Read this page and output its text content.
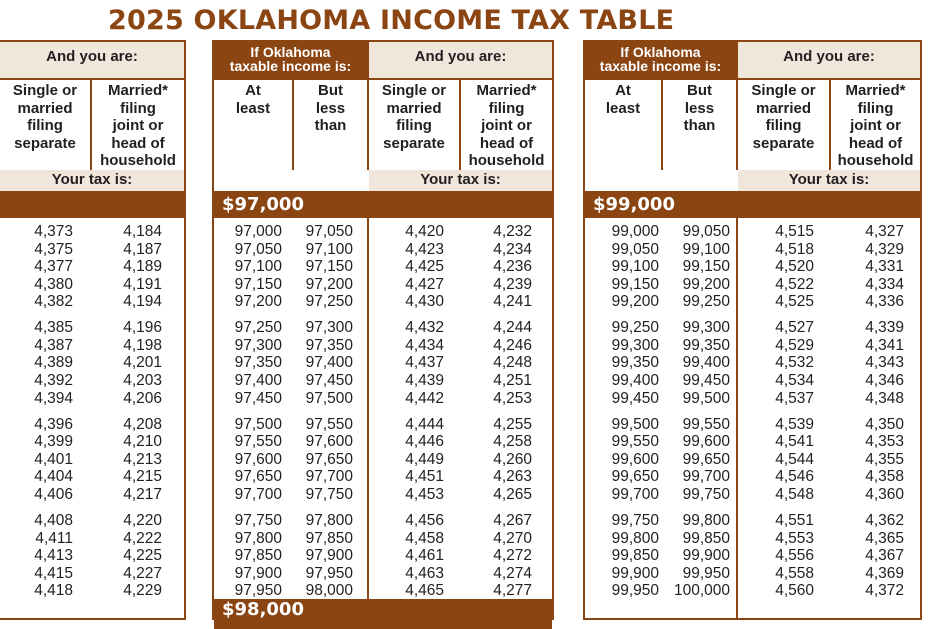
2025 OKLAHOMA INCOME TAX TABLE
And you are:
Single or
married
filing
separate
Married*
filing
joint or
head of
household
Your tax is:
4,373	4,184
4,375	4,187
4,377	4,189
4,380	4,191
4,382	4,194
4,385	4,196
4,387	4,198
4,389	4,201
4,392	4,203
4,394	4,206
4,396	4,208
4,399	4,210
4,401	4,213
4,404	4,215
4,406	4,217
4,408	4,220
4,411	4,222
4,413	4,225
4,415	4,227
4,418	4,229
If Oklahoma
taxable income is:
And you are:
At
least
But
less
than
Single or
married
filing
separate
Married*
filing
joint or
head of
household
Your tax is:
$97,000
97,000 97,050	4,420	4,232
97,050 97,100	4,423	4,234
97,100 97,150	4,425	4,236
97,150 97,200	4,427	4,239
97,200 97,250	4,430	4,241
97,250 97,300	4,432	4,244
97,300 97,350	4,434	4,246
97,350 97,400	4,437	4,248
97,400 97,450	4,439	4,251
97,450 97,500	4,442	4,253
97,500 97,550	4,444	4,255
97,550 97,600	4,446	4,258
97,600 97,650	4,449	4,260
97,650 97,700	4,451	4,263
97,700 97,750	4,453	4,265
97,750 97,800	4,456	4,267
97,800 97,850	4,458	4,270
97,850 97,900	4,461	4,272
97,900 97,950	4,463	4,274
97,950 98,000	4,465	4,277
$98,000
If Oklahoma
taxable income is:
And you are:
At
least
But
less
than
Single or
married
filing
separate
Married*
filing
joint or
head of
household
Your tax is:
$99,000
99,000 99,050	4,515	4,327
99,050 99,100	4,518	4,329
99,100 99,150	4,520	4,331
99,150 99,200	4,522	4,334
99,200 99,250	4,525	4,336
99,250 99,300	4,527	4,339
99,300 99,350	4,529	4,341
99,350 99,400	4,532	4,343
99,400 99,450	4,534	4,346
99,450 99,500	4,537	4,348
99,500 99,550	4,539	4,350
99,550 99,600	4,541	4,353
99,600 99,650	4,544	4,355
99,650 99,700	4,546	4,358
99,700 99,750	4,548	4,360
99,750 99,800	4,551	4,362
99,800 99,850	4,553	4,365
99,850 99,900	4,556	4,367
99,900 99,950	4,558	4,369
99,950 100,000	4,560	4,372
